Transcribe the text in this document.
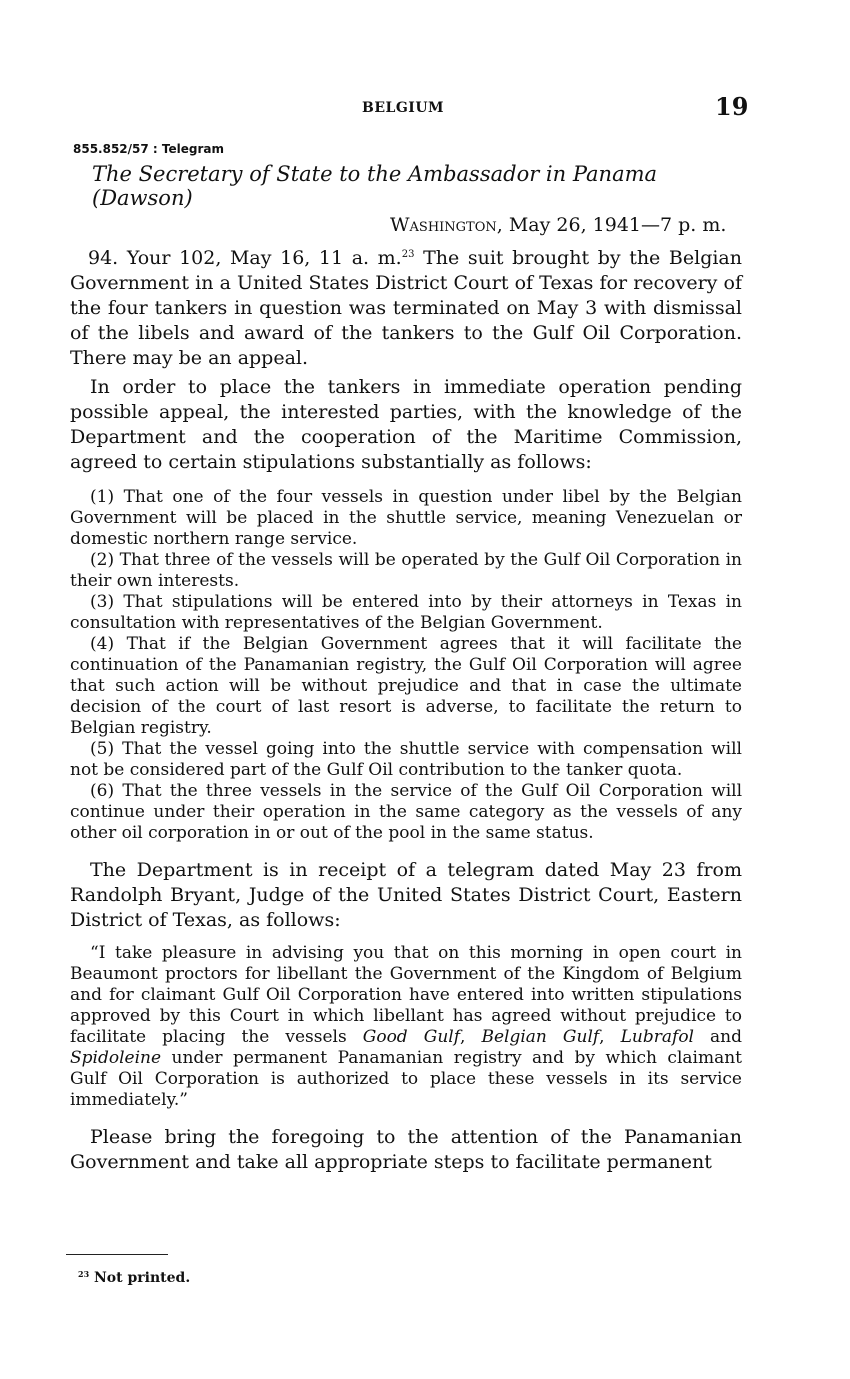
BELGIUM	19
855.852/57 : Telegram
The Secretary of State to the Ambassador in Panama (Dawson)
Washington, May 26, 1941—7 p. m.

94. Your 102, May 16, 11 a. m.$^{23}$ The suit brought by the Belgian Government in a United States District Court of Texas for recovery of the four tankers in question was terminated on May 3 with dismissal of the libels and award of the tankers to the Gulf Oil Corporation. There may be an appeal.

In order to place the tankers in immediate operation pending possible appeal, the interested parties, with the knowledge of the Department and the cooperation of the Maritime Commission, agreed to certain stipulations substantially as follows:

(1) That one of the four vessels in question under libel by the Belgian Government will be placed in the shuttle service, meaning Venezuelan or domestic northern range service.

(2) That three of the vessels will be operated by the Gulf Oil Corporation in their own interests.

(3) That stipulations will be entered into by their attorneys in Texas in consultation with representatives of the Belgian Government.

(4) That if the Belgian Government agrees that it will facilitate the continuation of the Panamanian registry, the Gulf Oil Corporation will agree that such action will be without prejudice and that in case the ultimate decision of the court of last resort is adverse, to facilitate the return to Belgian registry.

(5) That the vessel going into the shuttle service with compensation will not be considered part of the Gulf Oil contribution to the tanker quota.

(6) That the three vessels in the service of the Gulf Oil Corporation will continue under their operation in the same category as the vessels of any other oil corporation in or out of the pool in the same status.

The Department is in receipt of a telegram dated May 23 from Randolph Bryant, Judge of the United States District Court, Eastern District of Texas, as follows:

“I take pleasure in advising you that on this morning in open court in Beaumont proctors for libellant the Government of the Kingdom of Belgium and for claimant Gulf Oil Corporation have entered into written stipulations approved by this Court in which libellant has agreed without prejudice to facilitate placing the vessels Good Gulf, Belgian Gulf, Lubrafol and Spidoleine under permanent Panamanian registry and by which claimant Gulf Oil Corporation is authorized to place these vessels in its service immediately.”

Please bring the foregoing to the attention of the Panamanian Government and take all appropriate steps to facilitate permanent

$^{23}$ Not printed.
